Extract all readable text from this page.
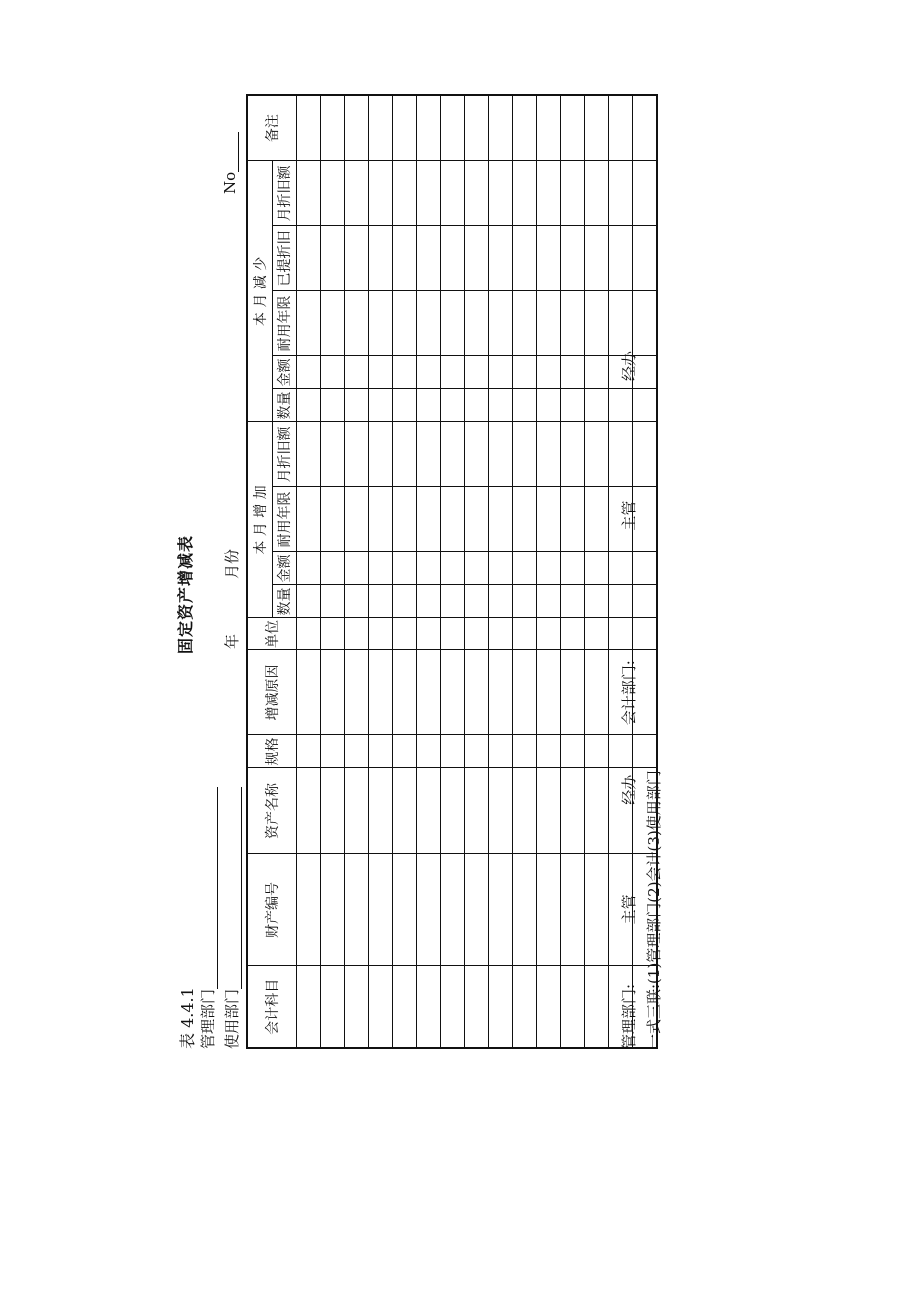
表 4.4.1 管理部门 使用部门
固定资产增减表 年
月份
No
会计科目	财产编号	资产名称	规格	增减原因	单位	本 月 增 加				本 月 减 少					备注
						数量	金额	耐用年限	月折旧额	数量	金额	耐用年限	已提折旧	月折旧额	

管理部门:  主管  经办  会计部门:  主管  经办
一式三联:(1)管理部门(2)会计(3)使用部门
